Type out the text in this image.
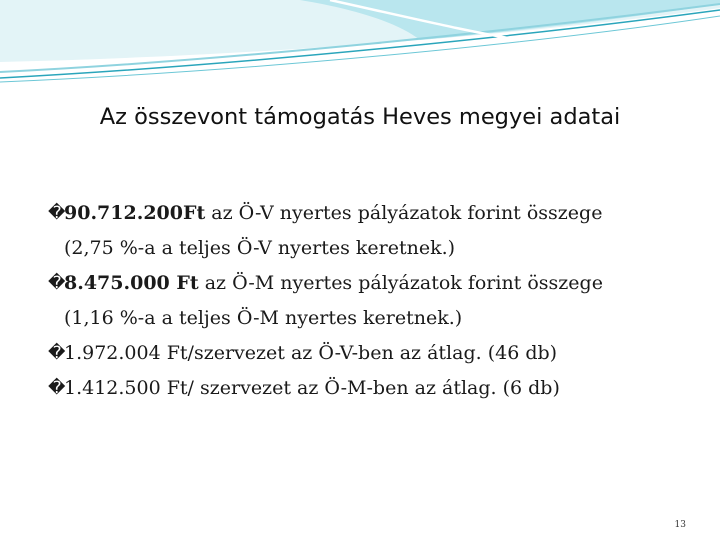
Az összevont támogatás Heves megyei adatai
�
90.712.200Ft az Ö-V nyertes pályázatok forint összege
(2,75 %-a a teljes Ö-V nyertes keretnek.)
�
8.475.000 Ft az Ö-M nyertes pályázatok forint összege
(1,16 %-a a teljes Ö-M nyertes keretnek.)
�
1.972.004 Ft/szervezet az Ö-V-ben az átlag. (46 db)
�
1.412.500 Ft/ szervezet az Ö-M-ben az átlag. (6 db)
13
